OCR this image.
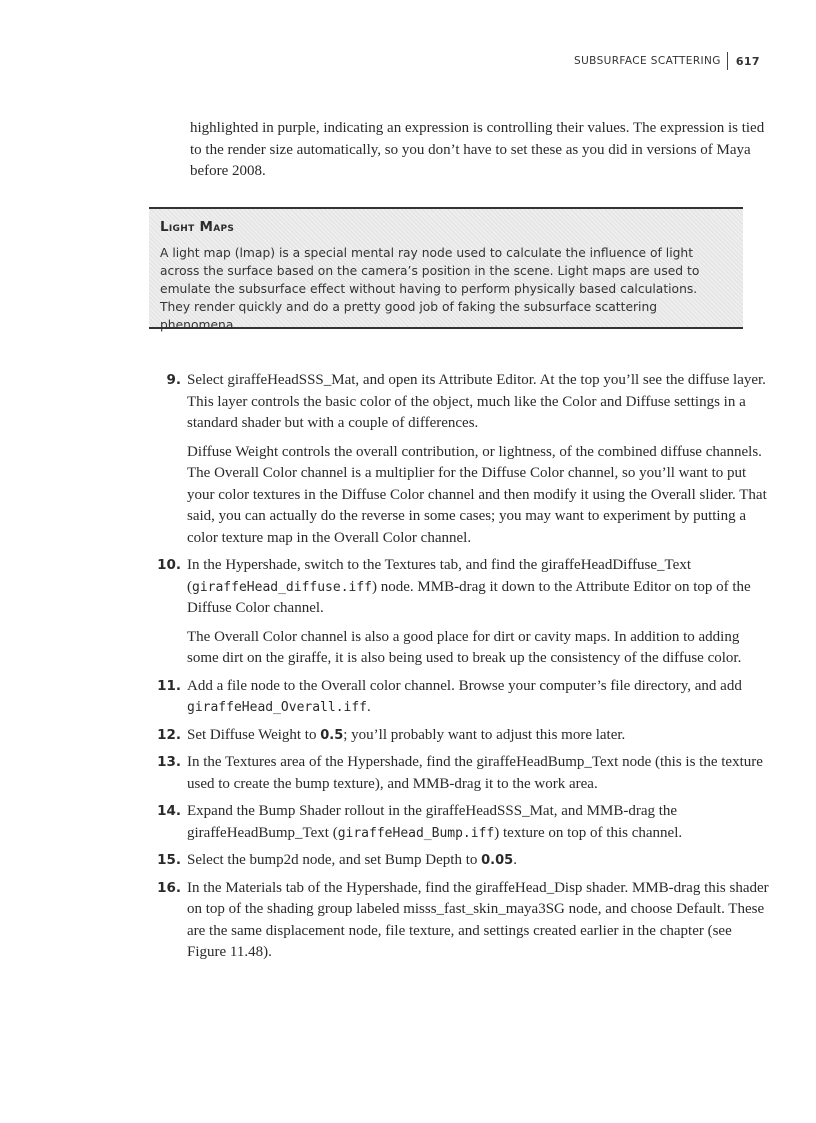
SUBSURFACE SCATTERING 617

highlighted in purple, indicating an expression is controlling their values. The expression is tied to the render size automatically, so you don’t have to set these as you did in versions of Maya before 2008.

Light Maps

A light map (lmap) is a special mental ray node used to calculate the influence of light across the surface based on the camera’s position in the scene. Light maps are used to emulate the subsurface effect without having to perform physically based calculations. They render quickly and do a pretty good job of faking the subsurface scattering phenomena.

9. Select giraffeHeadSSS_Mat, and open its Attribute Editor. At the top you’ll see the diffuse layer. This layer controls the basic color of the object, much like the Color and Diffuse settings in a standard shader but with a couple of differences.

Diffuse Weight controls the overall contribution, or lightness, of the combined diffuse channels. The Overall Color channel is a multiplier for the Diffuse Color channel, so you’ll want to put your color textures in the Diffuse Color channel and then modify it using the Overall slider. That said, you can actually do the reverse in some cases; you may want to experiment by putting a color texture map in the Overall Color channel.

10. In the Hypershade, switch to the Textures tab, and find the giraffeHeadDiffuse_Text (giraffeHead_diffuse.iff) node. MMB-drag it down to the Attribute Editor on top of the Diffuse Color channel.

The Overall Color channel is also a good place for dirt or cavity maps. In addition to adding some dirt on the giraffe, it is also being used to break up the consistency of the diffuse color.

11. Add a file node to the Overall color channel. Browse your computer’s file directory, and add giraffeHead_Overall.iff.

12. Set Diffuse Weight to 0.5; you’ll probably want to adjust this more later.

13. In the Textures area of the Hypershade, find the giraffeHeadBump_Text node (this is the texture used to create the bump texture), and MMB-drag it to the work area.

14. Expand the Bump Shader rollout in the giraffeHeadSSS_Mat, and MMB-drag the giraffeHeadBump_Text (giraffeHead_Bump.iff) texture on top of this channel.

15. Select the bump2d node, and set Bump Depth to 0.05.

16. In the Materials tab of the Hypershade, find the giraffeHead_Disp shader. MMB-drag this shader on top of the shading group labeled misss_fast_skin_maya3SG node, and choose Default. These are the same displacement node, file texture, and settings created earlier in the chapter (see Figure 11.48).
